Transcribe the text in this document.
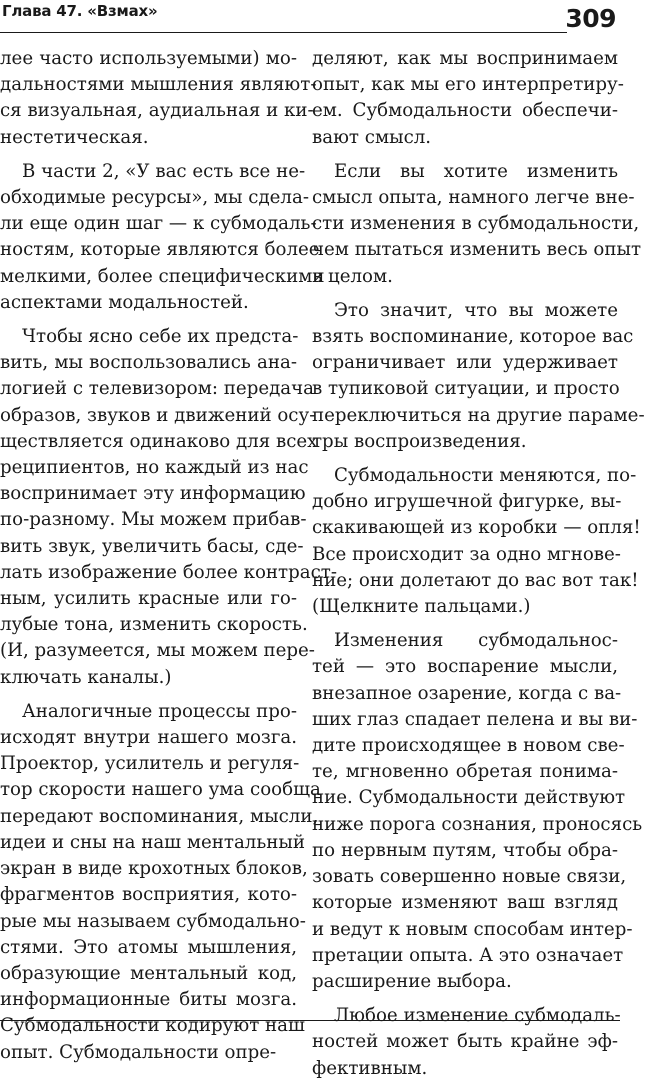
Глава 47. «Взмах»	309

лее часто используемыми) мо-

дальностями мышления являют-

ся визуальная, аудиальная и ки-

нестетическая.

В части 2, «У вас есть все не-

обходимые ресурсы», мы сдела-

ли еще один шаг — к субмодаль-

ностям, которые являются более

мелкими, более специфическими

аспектами модальностей.

Чтобы ясно себе их предста-

вить, мы воспользовались ана-

логией с телевизором: передача

образов, звуков и движений осу-

ществляется одинаково для всех

реципиентов, но каждый из нас

воспринимает эту информацию

по-разному. Мы можем прибав-

вить звук, увеличить басы, сде-

лать изображение более контраст-

ным, усилить красные или го-

лубые тона, изменить скорость.

(И, разумеется, мы можем пере-

ключать каналы.)

Аналогичные процессы про-

исходят внутри нашего мозга.

Проектор, усилитель и регуля-

тор скорости нашего ума сообща

передают воспоминания, мысли,

идеи и сны на наш ментальный

экран в виде крохотных блоков,

фрагментов восприятия, кото-

рые мы называем субмодально-

стями. Это атомы мышления,

образующие ментальный код,

информационные биты мозга.

Субмодальности кодируют наш

опыт. Субмодальности опре-

деляют, как мы воспринимаем

опыт, как мы его интерпретиру-

ем. Субмодальности обеспечи-

вают смысл.

Если вы хотите изменить

смысл опыта, намного легче вне-

сти изменения в субмодальности,

чем пытаться изменить весь опыт

в целом.

Это значит, что вы можете

взять воспоминание, которое вас

ограничивает или удерживает

в тупиковой ситуации, и просто

переключиться на другие параме-

тры воспроизведения.

Субмодальности меняются, по-

добно игрушечной фигурке, вы-

скакивающей из коробки — опля!

Все происходит за одно мгнове-

ние; они долетают до вас вот так!

(Щелкните пальцами.)

Изменения субмодальнос-

тей — это воспарение мысли,

внезапное озарение, когда с ва-

ших глаз спадает пелена и вы ви-

дите происходящее в новом све-

те, мгновенно обретая понима-

ние. Субмодальности действуют

ниже порога сознания, проносясь

по нервным путям, чтобы обра-

зовать совершенно новые связи,

которые изменяют ваш взгляд

и ведут к новым способам интер-

претации опыта. А это означает

расширение выбора.

Любое изменение субмодаль-

ностей может быть крайне эф-

фективным.
